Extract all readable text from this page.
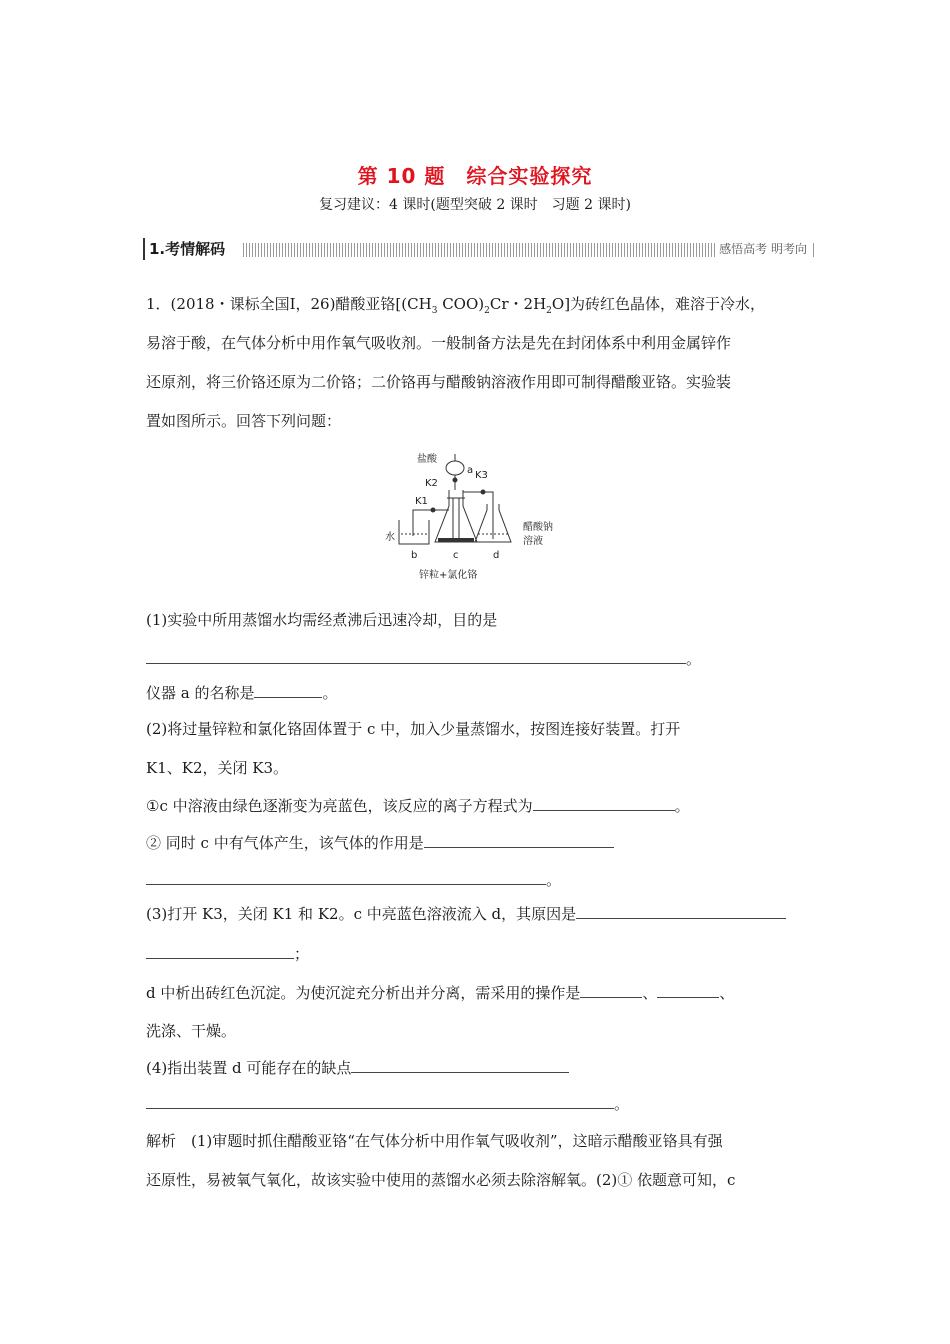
第 10 题　综合实验探究
复习建议：4 课时(题型突破 2 课时　习题 2 课时)
1.考情解码	感悟高考 明考向
1．(2018・课标全国Ⅰ，26)醋酸亚铬[($CH_3$ $COO)_2Cr$・$2H_2O$]为砖红色晶体，难溶于冷水，
易溶于酸，在气体分析中用作氧气吸收剂。一般制备方法是先在封闭体系中利用金属锌作
还原剂，将三价铬还原为二价铬；二价铬再与醋酸钠溶液作用即可制得醋酸亚铬。实验装
置如图所示。回答下列问题：
盐酸
a K3
K2
K1
水
醋酸钠
溶液
b	c	d
锌粒+氯化铬
(1)实验中所用蒸馏水均需经煮沸后迅速冷却，目的是
。
仪器 a 的名称是	。
(2)将过量锌粒和氯化铬固体置于 c 中，加入少量蒸馏水，按图连接好装置。打开
K1、K2，关闭 K3。
①c 中溶液由绿色逐渐变为亮蓝色，该反应的离子方程式为	。
② 同时 c 中有气体产生，该气体的作用是
。
(3)打开 K3，关闭 K1 和 K2。c 中亮蓝色溶液流入 d，其原因是
；
d 中析出砖红色沉淀。为使沉淀充分析出并分离，需采用的操作是	、	、
洗涤、干燥。
(4)指出装置 d 可能存在的缺点
。
解析　(1)审题时抓住醋酸亚铬“在气体分析中用作氧气吸收剂”，这暗示醋酸亚铬具有强
还原性，易被氧气氧化，故该实验中使用的蒸馏水必须去除溶解氧。(2)① 依题意可知，c
